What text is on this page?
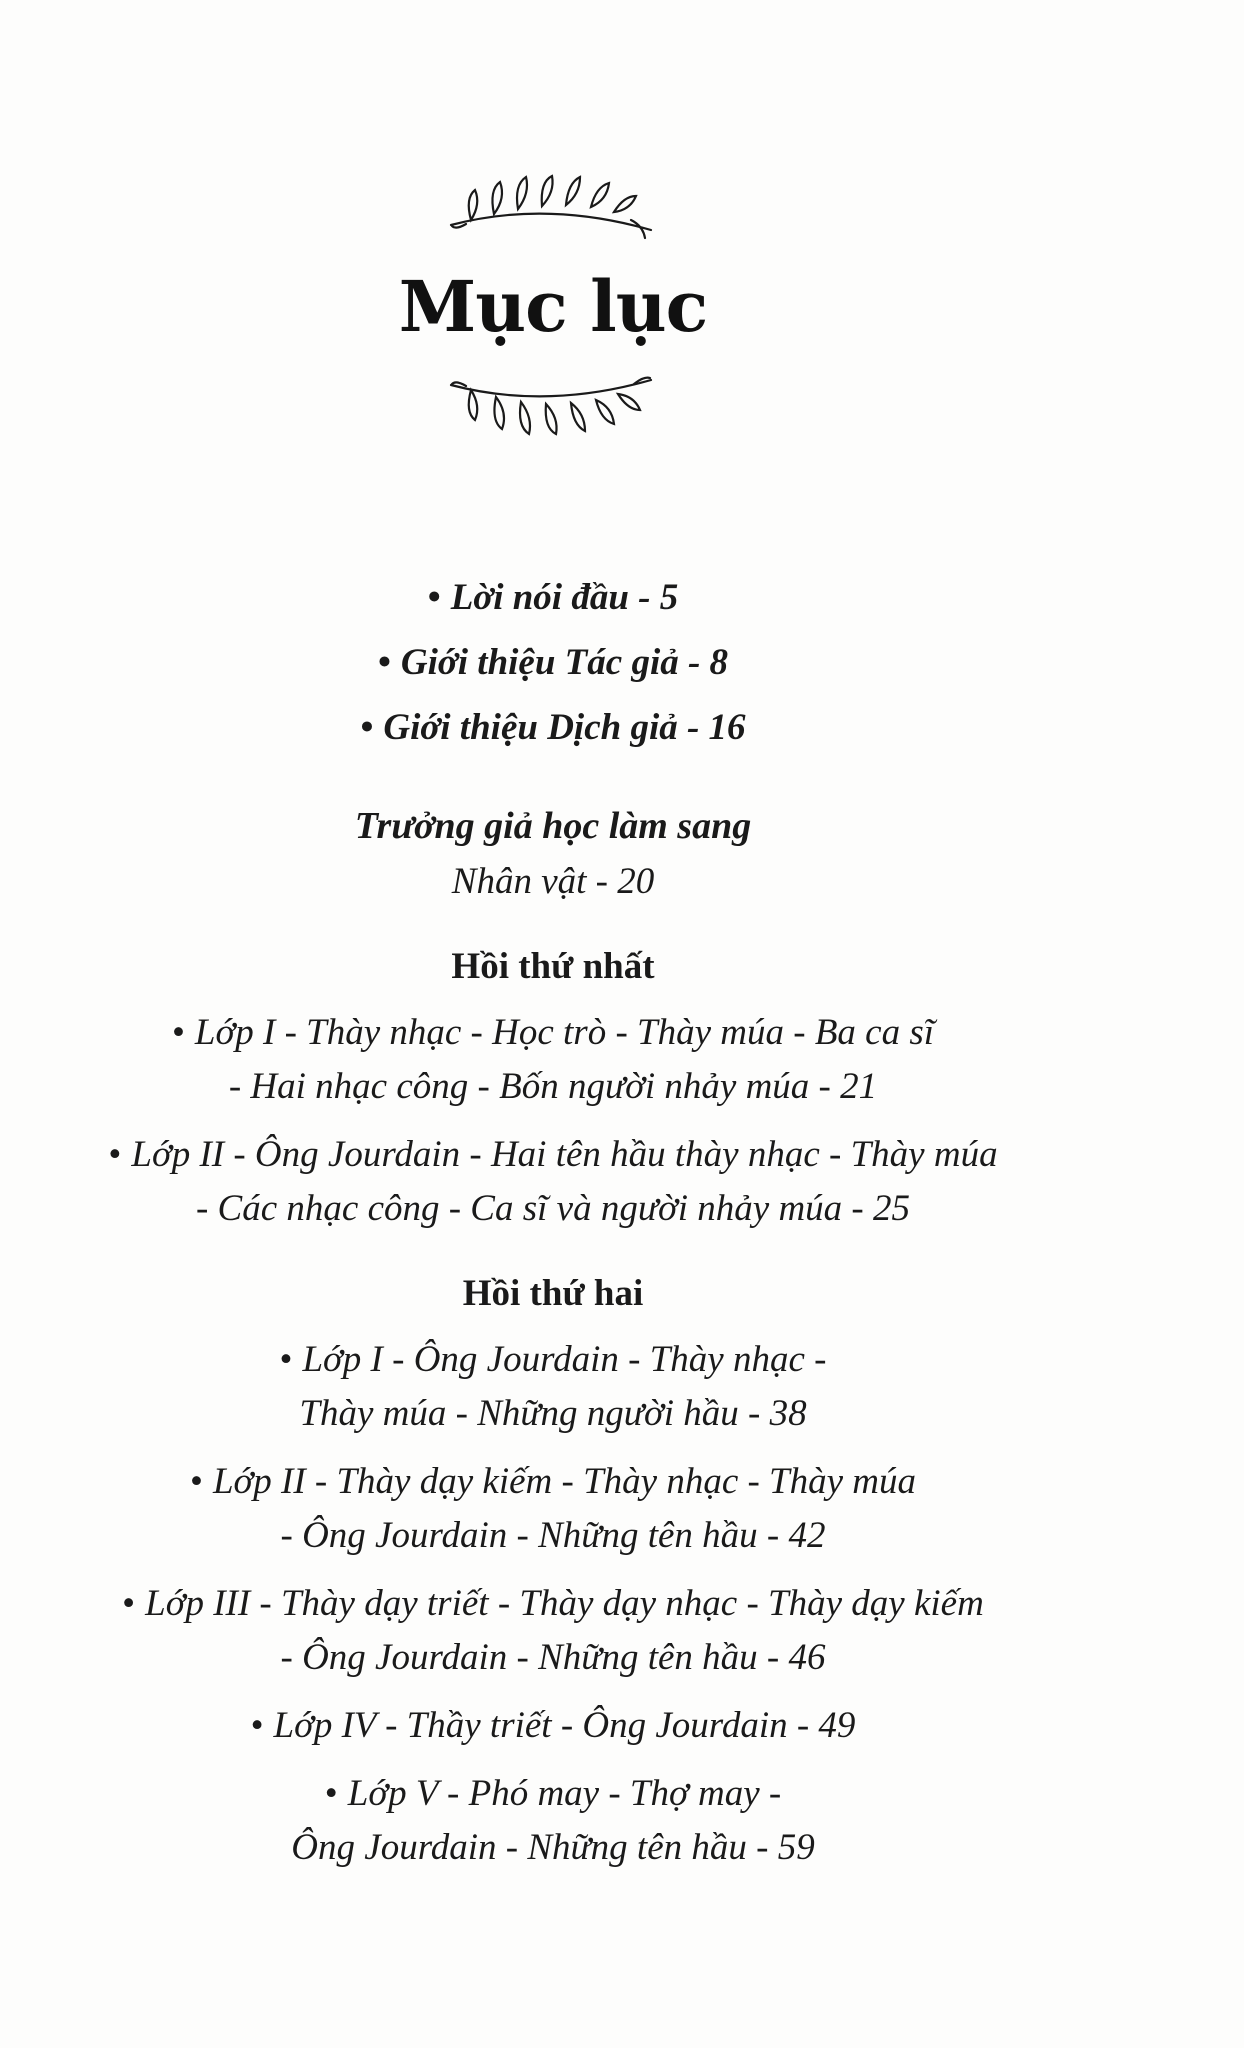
Mục lục

• Lời nói đầu - 5

• Giới thiệu Tác giả - 8

• Giới thiệu Dịch giả - 16

Trưởng giả học làm sang
Nhân vật - 20
Hồi thứ nhất

• Lớp I - Thày nhạc - Học trò - Thày múa - Ba ca sĩ

- Hai nhạc công - Bốn người nhảy múa - 21

• Lớp II - Ông Jourdain - Hai tên hầu thày nhạc - Thày múa

- Các nhạc công - Ca sĩ và người nhảy múa - 25

Hồi thứ hai

• Lớp I - Ông Jourdain - Thày nhạc -

Thày múa - Những người hầu - 38

• Lớp II - Thày dạy kiếm - Thày nhạc - Thày múa

- Ông Jourdain - Những tên hầu - 42

• Lớp III - Thày dạy triết - Thày dạy nhạc - Thày dạy kiếm

- Ông Jourdain - Những tên hầu - 46

• Lớp IV - Thầy triết - Ông Jourdain - 49

• Lớp V - Phó may - Thợ may -

Ông Jourdain - Những tên hầu - 59
